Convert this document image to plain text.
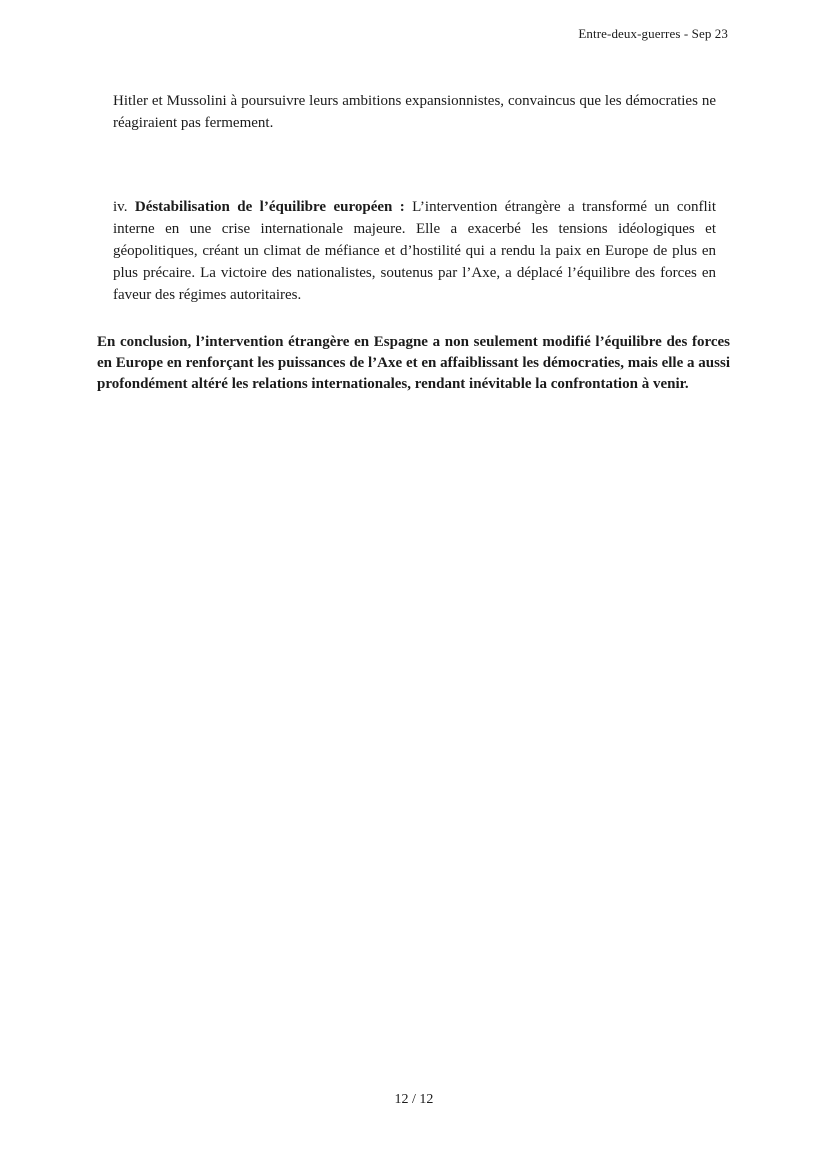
Entre-deux-guerres - Sep 23

Hitler et Mussolini à poursuivre leurs ambitions expansionnistes, convaincus que les démocraties ne réagiraient pas fermement.

iv. Déstabilisation de l’équilibre européen : L’intervention étrangère a transformé un conflit interne en une crise internationale majeure. Elle a exacerbé les tensions idéologiques et géopolitiques, créant un climat de méfiance et d’hostilité qui a rendu la paix en Europe de plus en plus précaire. La victoire des nationalistes, soutenus par l’Axe, a déplacé l’équilibre des forces en faveur des régimes autoritaires.

En conclusion, l’intervention étrangère en Espagne a non seulement modifié l’équilibre des forces en Europe en renforçant les puissances de l’Axe et en affaiblissant les démocraties, mais elle a aussi profondément altéré les relations internationales, rendant inévitable la confrontation à venir.

12 / 12
